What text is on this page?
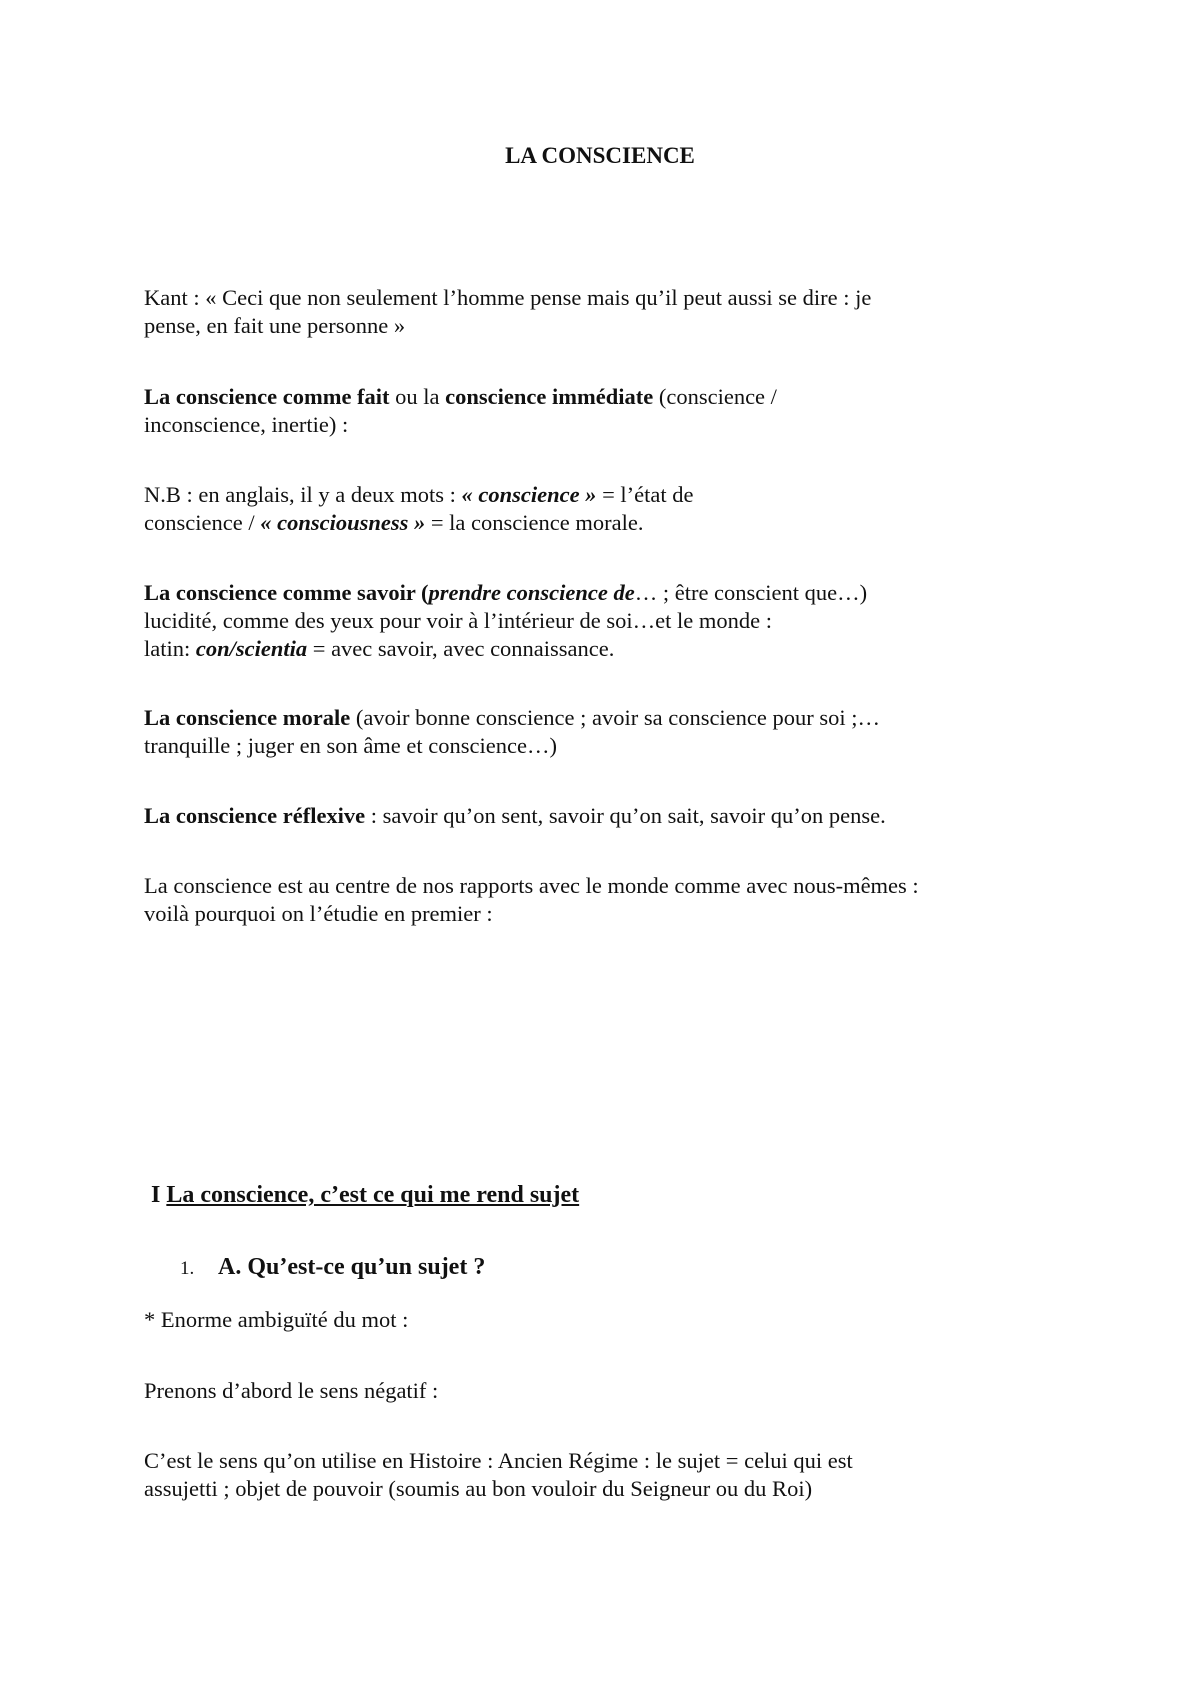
LA CONSCIENCE

Kant : « Ceci que non seulement l’homme pense mais qu’il peut aussi se dire : je
pense, en fait une personne »

La conscience comme fait ou la conscience immédiate (conscience /
inconscience, inertie) :

N.B : en anglais, il y a deux mots : « conscience » = l’état de
conscience / « consciousness » = la conscience morale.

La conscience comme savoir (prendre conscience de… ; être conscient que…)
lucidité, comme des yeux pour voir à l’intérieur de soi…et le monde :
latin: con/scientia = avec savoir, avec connaissance.

La conscience morale (avoir bonne conscience ; avoir sa conscience pour soi ;…
tranquille ; juger en son âme et conscience…)

La conscience réflexive : savoir qu’on sent, savoir qu’on sait, savoir qu’on pense.

La conscience est au centre de nos rapports avec le monde comme avec nous-mêmes :
voilà pourquoi on l’étudie en premier :

I La conscience, c’est ce qui me rend sujet
1. A. Qu’est-ce qu’un sujet ?

* Enorme ambiguïté du mot :

Prenons d’abord le sens négatif :

C’est le sens qu’on utilise en Histoire : Ancien Régime : le sujet = celui qui est
assujetti ; objet de pouvoir (soumis au bon vouloir du Seigneur ou du Roi)
